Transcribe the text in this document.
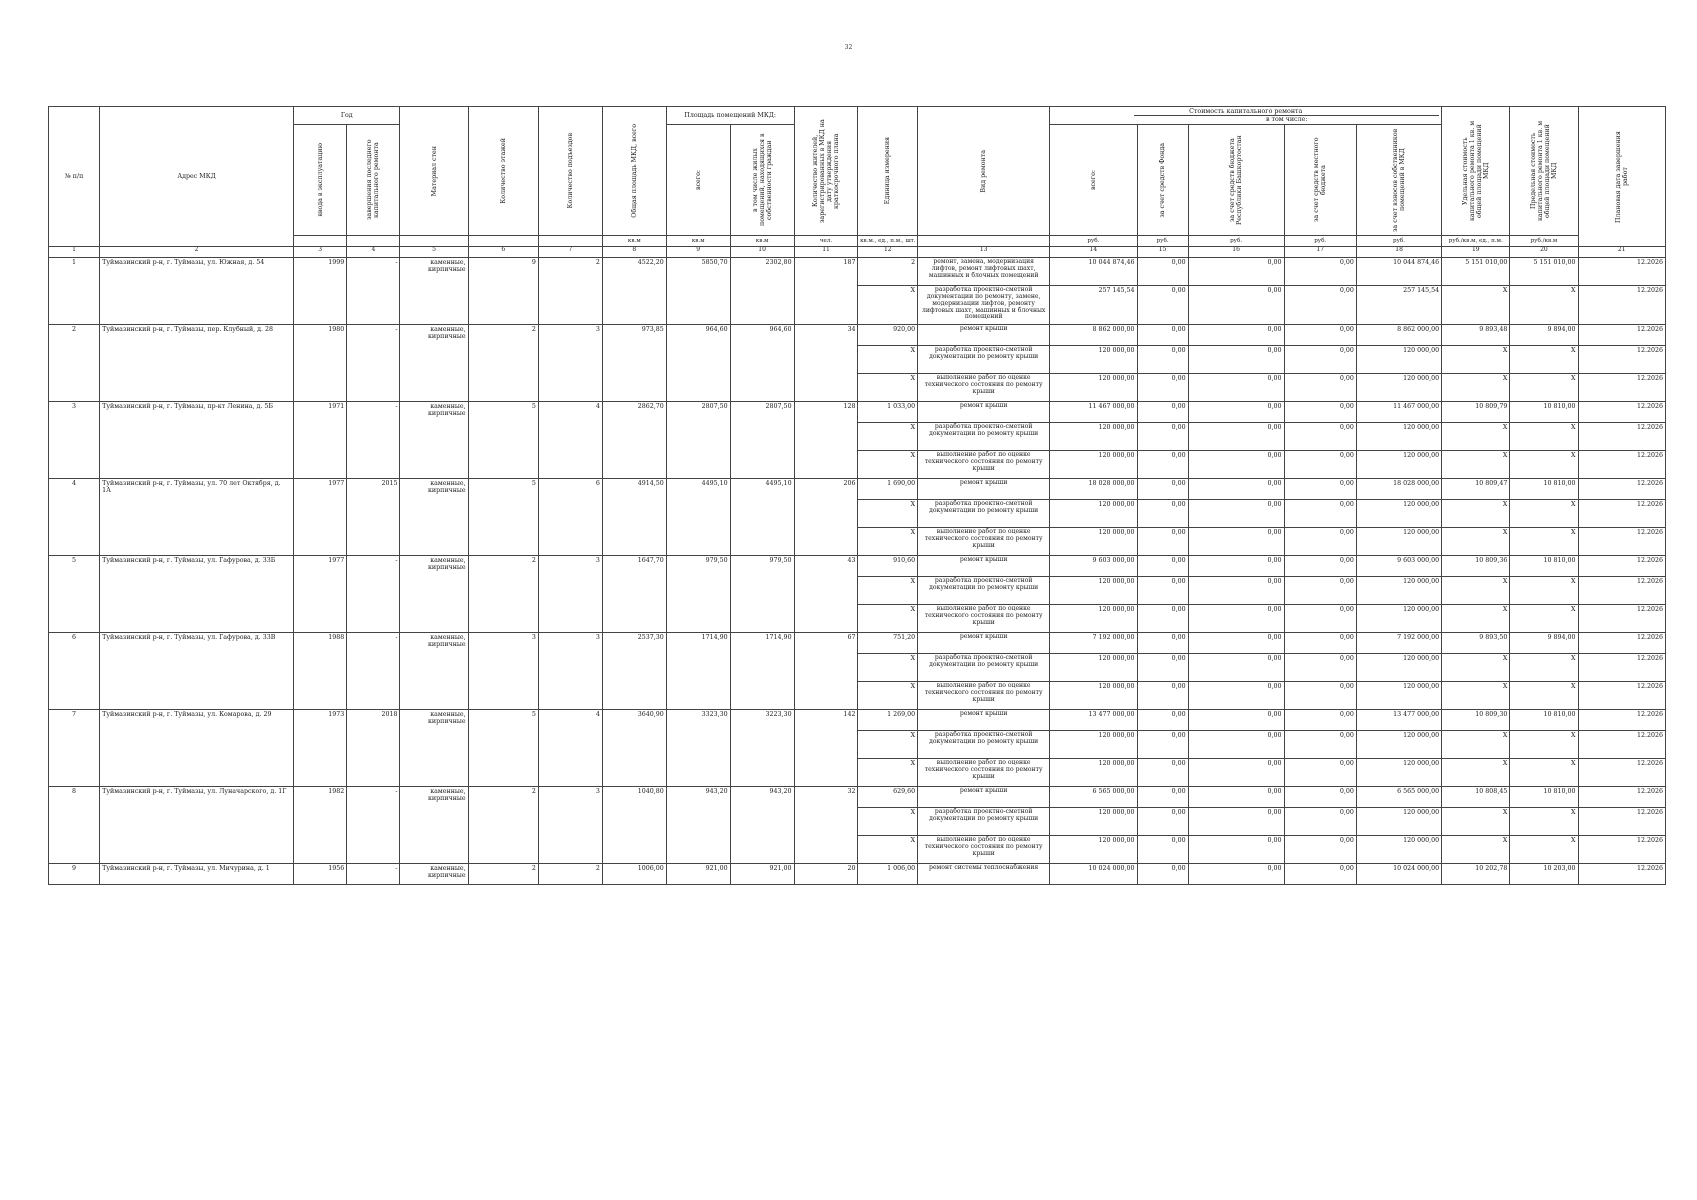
32
№ п/п	Адрес МКД	Год		Материал стен	Количество этажей	Количество подъездов	Общая площадь МКД, всего	Площадь помещений МКД:		Количество жителей, зарегистрированных в МКД на дату утверждения краткосрочного плана	Единица измерения	Вид ремонта	Стоимость капитального ремонта
в том числе:					Удельная стоимость капитального ремонта 1 кв. м общей площади помещений МКД	Предельная стоимость капитального ремонта 1 кв. м общей площади помещений МКД	Плановая дата завершения работ

		ввода в эксплуатацию	завершения последнего капитального ремонта					всего:	в том числе жилых помещений, находящихся в собственности граждан				всего:	за счет средств Фонда	за счет средств бюджета Республики Башкортостан	за счет средств местного бюджета	за счет взносов собственников помещений в МКД			

							кв.м	кв.м	кв.м	чел.	кв.м., ед., п.м., шт.		руб.	руб.	руб.	руб.	руб.	руб./кв.м, ед., п.м.	руб./кв.м	
1	2	3	4	5	6	7	8	9	10	11	12	13	14	15	16	17	18	19	20	21
1	Туймазинский р-н, г. Туймазы, ул. Южная, д. 54	1999	-	каменные, кирпичные	9	2	4522,20	5850,70	2302,80	187	2	ремонт, замена, модернизация лифтов, ремонт лифтовых шахт, машинных и блочных помещений	10 044 874,46	0,00	0,00	0,00	10 044 874,46	5 151 010,00	5 151 010,00	12.2026
											X	разработка проектно-сметной документации по ремонту, замене, модернизации лифтов, ремонту лифтовых шахт, машинных и блочных помещений	257 145,54	0,00	0,00	0,00	257 145,54	X	X	12.2026
2	Туймазинский р-н, г. Туймазы, пер. Клубный, д. 28	1980	-	каменные, кирпичные	2	3	973,85	964,60	964,60	34	920,00	ремонт крыши	8 862 000,00	0,00	0,00	0,00	8 862 000,00	9 893,48	9 894,00	12.2026
											X	разработка проектно-сметной документации по ремонту крыши	120 000,00	0,00	0,00	0,00	120 000,00	X	X	12.2026
											X	выполнение работ по оценке технического состояния по ремонту крыши	120 000,00	0,00	0,00	0,00	120 000,00	X	X	12.2026
3	Туймазинский р-н, г. Туймазы, пр-кт Ленина, д. 5Б	1971	-	каменные, кирпичные	5	4	2862,70	2807,50	2807,50	128	1 033,00	ремонт крыши	11 467 000,00	0,00	0,00	0,00	11 467 000,00	10 809,79	10 810,00	12.2026
											X	разработка проектно-сметной документации по ремонту крыши	120 000,00	0,00	0,00	0,00	120 000,00	X	X	12.2026
											X	выполнение работ по оценке технического состояния по ремонту крыши	120 000,00	0,00	0,00	0,00	120 000,00	X	X	12.2026
4	Туймазинский р-н, г. Туймазы, ул. 70 лет Октября, д. 1А	1977	2015	каменные, кирпичные	5	6	4914,50	4495,10	4495,10	206	1 690,00	ремонт крыши	18 028 000,00	0,00	0,00	0,00	18 028 000,00	10 809,47	10 810,00	12.2026
											X	разработка проектно-сметной документации по ремонту крыши	120 000,00	0,00	0,00	0,00	120 000,00	X	X	12.2026
											X	выполнение работ по оценке технического состояния по ремонту крыши	120 000,00	0,00	0,00	0,00	120 000,00	X	X	12.2026
5	Туймазинский р-н, г. Туймазы, ул. Гафурова, д. 33Б	1977	-	каменные, кирпичные	2	3	1647,70	979,50	979,50	43	910,60	ремонт крыши	9 603 000,00	0,00	0,00	0,00	9 603 000,00	10 809,36	10 810,00	12.2026
											X	разработка проектно-сметной документации по ремонту крыши	120 000,00	0,00	0,00	0,00	120 000,00	X	X	12.2026
											X	выполнение работ по оценке технического состояния по ремонту крыши	120 000,00	0,00	0,00	0,00	120 000,00	X	X	12.2026
6	Туймазинский р-н, г. Туймазы, ул. Гафурова, д. 33В	1988	-	каменные, кирпичные	3	3	2537,30	1714,90	1714,90	67	751,20	ремонт крыши	7 192 000,00	0,00	0,00	0,00	7 192 000,00	9 893,50	9 894,00	12.2026
											X	разработка проектно-сметной документации по ремонту крыши	120 000,00	0,00	0,00	0,00	120 000,00	X	X	12.2026
											X	выполнение работ по оценке технического состояния по ремонту крыши	120 000,00	0,00	0,00	0,00	120 000,00	X	X	12.2026
7	Туймазинский р-н, г. Туймазы, ул. Комарова, д. 29	1973	2018	каменные, кирпичные	5	4	3640,90	3323,30	3223,30	142	1 269,00	ремонт крыши	13 477 000,00	0,00	0,00	0,00	13 477 000,00	10 809,30	10 810,00	12.2026
											X	разработка проектно-сметной документации по ремонту крыши	120 000,00	0,00	0,00	0,00	120 000,00	X	X	12.2026
											X	выполнение работ по оценке технического состояния по ремонту крыши	120 000,00	0,00	0,00	0,00	120 000,00	X	X	12.2026
8	Туймазинский р-н, г. Туймазы, ул. Луначарского, д. 1Г	1982	-	каменные, кирпичные	2	3	1040,80	943,20	943,20	32	629,60	ремонт крыши	6 565 000,00	0,00	0,00	0,00	6 565 000,00	10 808,45	10 810,00	12.2026
											X	разработка проектно-сметной документации по ремонту крыши	120 000,00	0,00	0,00	0,00	120 000,00	X	X	12.2026
											X	выполнение работ по оценке технического состояния по ремонту крыши	120 000,00	0,00	0,00	0,00	120 000,00	X	X	12.2026
9	Туймазинский р-н, г. Туймазы, ул. Мичурина, д. 1	1956	-	каменные, кирпичные	2	2	1006,00	921,00	921,00	20	1 006,00	ремонт системы теплоснабжения	10 024 000,00	0,00	0,00	0,00	10 024 000,00	10 202,78	10 203,00	12.2026
